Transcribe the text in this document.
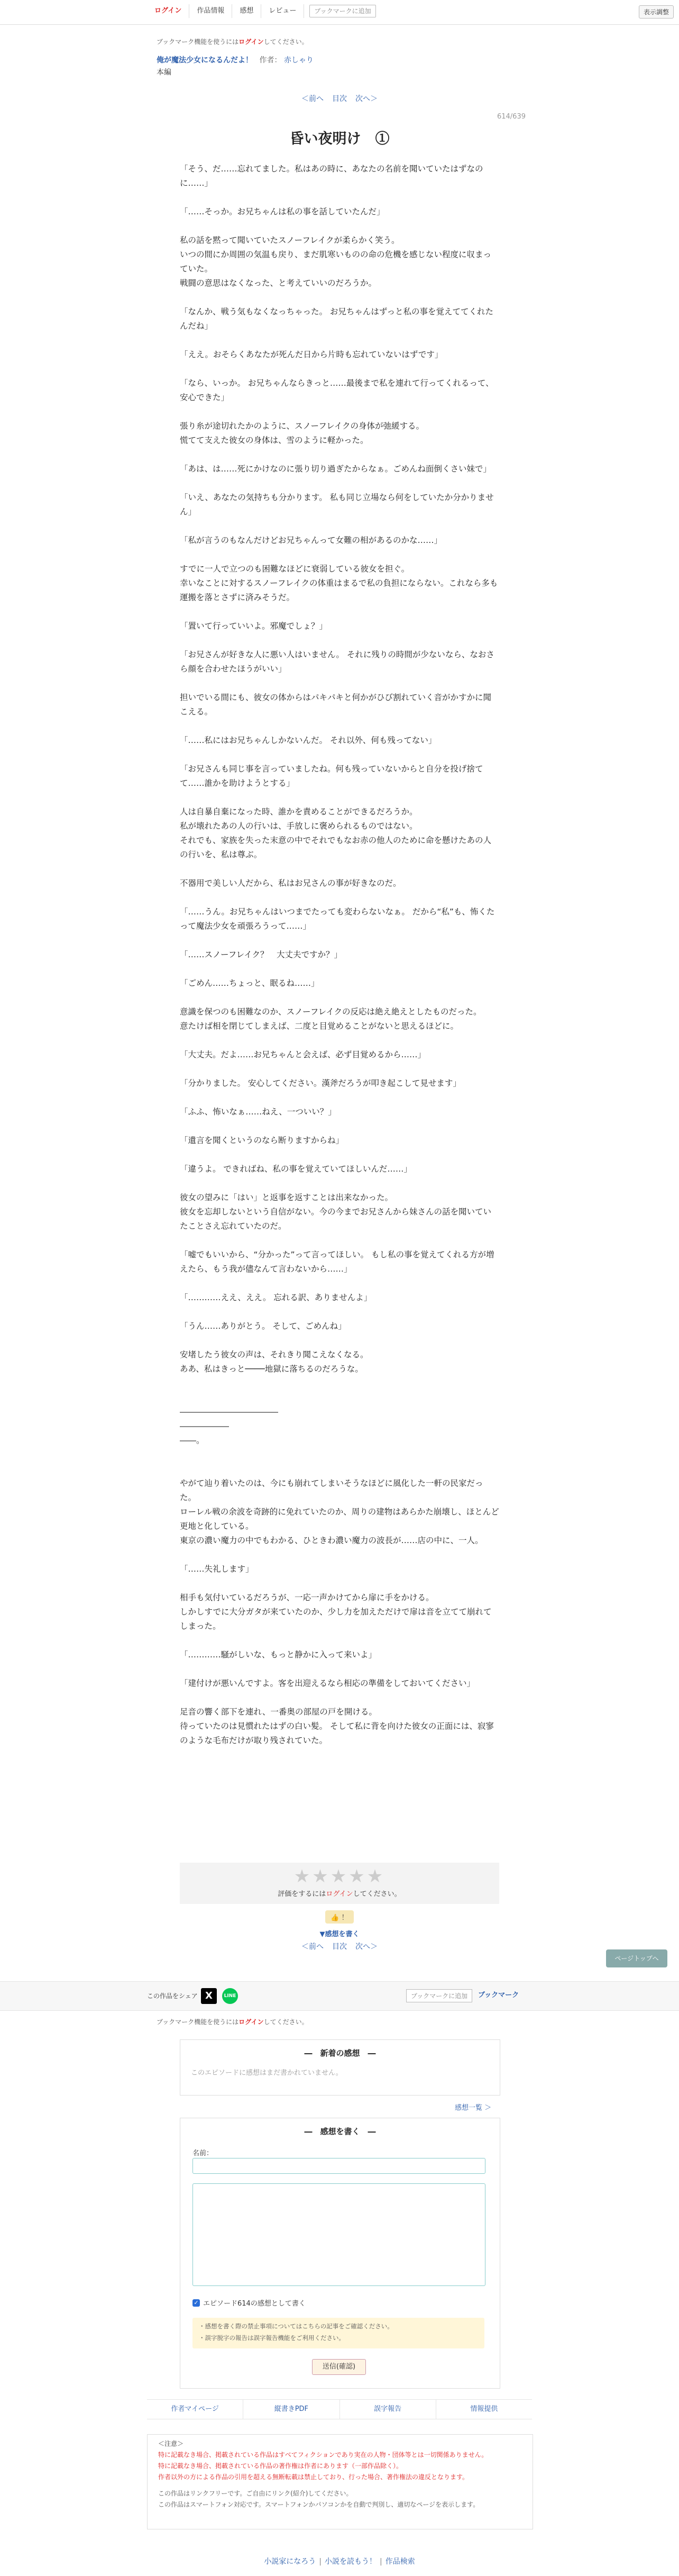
ログイン	作品情報	感想	レビュー	ブックマークに追加	表示調整
ブックマーク機能を使うにはログインしてください。
俺が魔法少女になるんだよ！ 作者： 赤しゃり
本編
＜前へ 目次 次へ＞
614/639
昏い夜明け　①

「そう、だ……忘れてました。私はあの時に、あなたの名前を聞いていたはずなのに……」

「……そっか。お兄ちゃんは私の事を話していたんだ」

私の話を黙って聞いていたスノーフレイクが柔らかく笑う。

いつの間にか周囲の気温も戻り、まだ肌寒いものの命の危機を感じない程度に収まっていた。

戦闘の意思はなくなった、と考えていいのだろうか。

「なんか、戦う気もなくなっちゃった。 お兄ちゃんはずっと私の事を覚えててくれたんだね」

「ええ。おそらくあなたが死んだ日から片時も忘れていないはずです」

「なら、いっか。 お兄ちゃんならきっと……最後まで私を連れて行ってくれるって、安心できた」

張り糸が途切れたかのように、スノーフレイクの身体が弛緩する。

慌てて支えた彼女の身体は、雪のように軽かった。

「あは、は……死にかけなのに張り切り過ぎたからなぁ。ごめんね面倒くさい妹で」

「いえ、あなたの気持ちも分かります。 私も同じ立場なら何をしていたか分かりません」

「私が言うのもなんだけどお兄ちゃんって女難の相があるのかな……」

すでに一人で立つのも困難なほどに衰弱している彼女を担ぐ。

幸いなことに対するスノーフレイクの体重はまるで私の負担にならない。これなら多も運搬を落とさずに済みそうだ。

「置いて行っていいよ。邪魔でしょ？」

「お兄さんが好きな人に悪い人はいません。 それに残りの時間が少ないなら、なおさら顔を合わせたほうがいい」

担いでいる間にも、彼女の体からはパキパキと何かがひび割れていく音がかすかに聞こえる。

「……私にはお兄ちゃんしかないんだ。 それ以外、何も残ってない」

「お兄さんも同じ事を言っていましたね。何も残っていないからと自分を投げ捨てて……誰かを助けようとする」

人は自暴自棄になった時、誰かを責めることができるだろうか。

私が壊れたあの人の行いは、手放しに褒められるものではない。

それでも、家族を失った末意の中でそれでもなお赤の他人のために命を懸けたあの人の行いを、私は尊ぶ。

不器用で美しい人だから、私はお兄さんの事が好きなのだ。

「……うん。お兄ちゃんはいつまでたっても変わらないなぁ。 だから“私”も、怖くたって魔法少女を頑張ろうって……」

「……スノーフレイク？　大丈夫ですか？」

「ごめん……ちょっと、眠るね……」

意識を保つのも困難なのか、スノーフレイクの反応は絶え絶えとしたものだった。

意たけば相を閉じてしまえば、二度と目覚めることがないと思えるほどに。

「大丈夫。だよ……お兄ちゃんと会えば、必ず目覚めるから……」

「分かりました。 安心してください。漢斧だろうが叩き起こして見せます」

「ふふ、怖いなぁ……ねえ、一ついい？」

「遺言を聞くというのなら断りますからね」

「違うよ。 できればね、私の事を覚えていてほしいんだ……」

彼女の望みに「はい」と返事を返すことは出来なかった。

彼女を忘却しないという自信がない。今の今までお兄さんから妹さんの話を聞いていたことさえ忘れていたのだ。

「嘘でもいいから、“分かった”って言ってほしい。 もし私の事を覚えてくれる方が増えたら、もう我が儘なんて言わないから……」

「…………ええ、ええ。 忘れる訳、ありませんよ」

「うん……ありがとう。 そして、ごめんね」

安堵したう彼女の声は、それきり聞こえなくなる。

ああ、私はきっと────地獄に落ちるのだろうな。

――――――――――――

――――――

――。

やがて辿り着いたのは、今にも崩れてしまいそうなほどに風化した一軒の民家だった。

ローレル戦の余波を奇跡的に免れていたのか、周りの建物はあらかた崩壊し、ほとんど更地と化している。

東京の濃い魔力の中でもわかる、ひときわ濃い魔力の波長が……店の中に、一人。

「……失礼します」

相手も気付いているだろうが、一応一声かけてから扉に手をかける。

しかしすでに大分ガタが来ていたのか、少し力を加えただけで扉は音を立てて崩れてしまった。

「…………騒がしいな、もっと静かに入って来いよ」

「建付けが悪いんですよ。客を出迎えるなら相応の準備をしておいてください」

足音の響く部下を連れ、一番奥の部屋の戸を開ける。

待っていたのは見慣れたはずの白い髪。 そして私に背を向けた彼女の正面には、寂寥のような毛布だけが取り残されていた。

★★★★★
評価をするにはログインしてください。
👍 ！
▼感想を書く
＜前へ 目次 次へ＞
ページトップへ
この作品をシェア X	LINE	ブックマークに追加	ブックマーク
ブックマーク機能を使うにはログインしてください。
―　新着の感想　―
このエピソードに感想はまだ書かれていません。
感想一覧 ＞
―　感想を書く　―
名前：
✓ エピソード614の感想として書く
・感想を書く際の禁止事項についてはこちらの記事をご確認ください。
・誤字脱字の報告は誤字報告機能をご利用ください。
送信(確認)
作者マイページ	縦書きPDF	誤字報告	情報提供
＜注意＞
特に記載なき場合、掲載されている作品はすべてフィクションであり実在の人物・団体等とは一切関係ありません。
特に記載なき場合、掲載されている作品の著作権は作者にあります（一部作品除く）。
作者以外の方による作品の引用を超える無断転載は禁止しており、行った場合、著作権法の違反となります。
この作品はリンクフリーです。ご自由にリンク(紹介)してください。
この作品はスマートフォン対応です。スマートフォンかパソコンかを自動で判別し、適切なページを表示します。
小説家になろう | 小説を読もう！ | 作品検索
